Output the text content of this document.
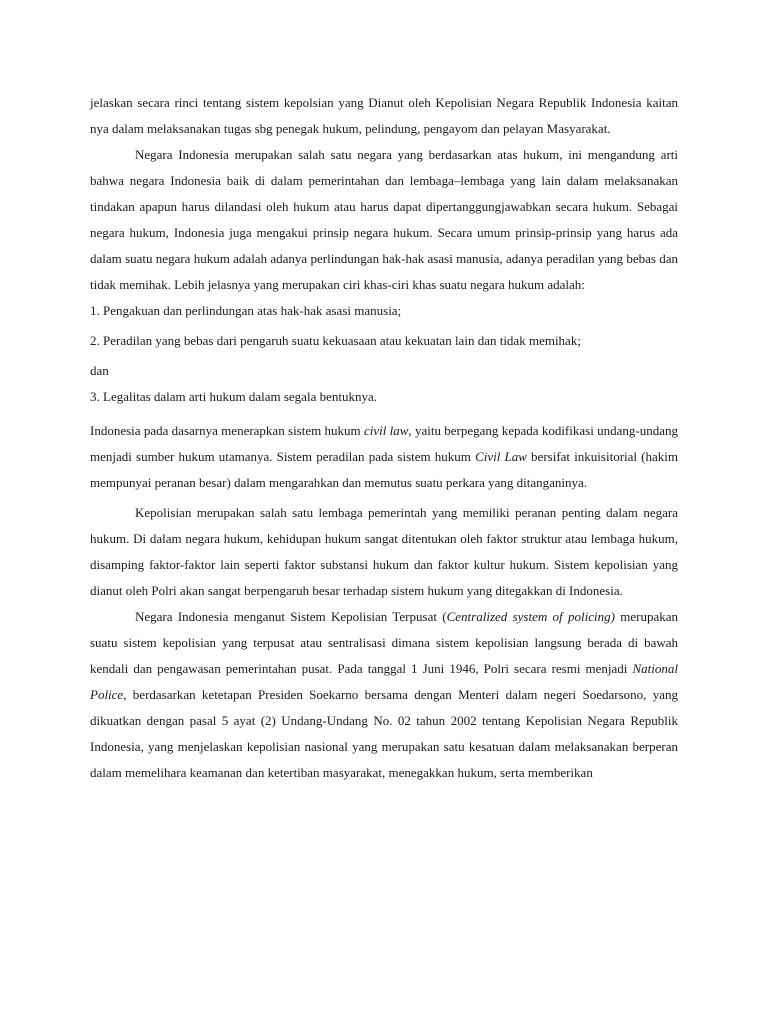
jelaskan secara rinci tentang sistem kepolsian yang Dianut oleh Kepolisian Negara Republik Indonesia kaitan nya dalam melaksanakan tugas sbg penegak hukum, pelindung, pengayom dan pelayan Masyarakat.

Negara Indonesia merupakan salah satu negara yang berdasarkan atas hukum, ini mengandung arti bahwa negara Indonesia baik di dalam pemerintahan dan lembaga–lembaga yang lain dalam melaksanakan tindakan apapun harus dilandasi oleh hukum atau harus dapat dipertanggungjawabkan secara hukum. Sebagai negara hukum, Indonesia juga mengakui prinsip negara hukum. Secara umum prinsip-prinsip yang harus ada dalam suatu negara hukum adalah adanya perlindungan hak-hak asasi manusia, adanya peradilan yang bebas dan tidak memihak. Lebih jelasnya yang merupakan ciri khas-ciri khas suatu negara hukum adalah:

1. Pengakuan dan perlindungan atas hak-hak asasi manusia;

2. Peradilan yang bebas dari pengaruh suatu kekuasaan atau kekuatan lain dan tidak memihak;

dan

3. Legalitas dalam arti hukum dalam segala bentuknya.

Indonesia pada dasarnya menerapkan sistem hukum civil law, yaitu berpegang kepada kodifikasi undang-undang menjadi sumber hukum utamanya. Sistem peradilan pada sistem hukum Civil Law bersifat inkuisitorial (hakim mempunyai peranan besar) dalam mengarahkan dan memutus suatu perkara yang ditanganinya.

Kepolisian merupakan salah satu lembaga pemerintah yang memiliki peranan penting dalam negara hukum. Di dalam negara hukum, kehidupan hukum sangat ditentukan oleh faktor struktur atau lembaga hukum, disamping faktor-faktor lain seperti faktor substansi hukum dan faktor kultur hukum. Sistem kepolisian yang dianut oleh Polri akan sangat berpengaruh besar terhadap sistem hukum yang ditegakkan di Indonesia.

Negara Indonesia menganut Sistem Kepolisian Terpusat (Centralized system of policing) merupakan suatu sistem kepolisian yang terpusat atau sentralisasi dimana sistem kepolisian langsung berada di bawah kendali dan pengawasan pemerintahan pusat. Pada tanggal 1 Juni 1946, Polri secara resmi menjadi National Police, berdasarkan ketetapan Presiden Soekarno bersama dengan Menteri dalam negeri Soedarsono, yang dikuatkan dengan pasal 5 ayat (2) Undang-Undang No. 02 tahun 2002 tentang Kepolisian Negara Republik Indonesia, yang menjelaskan kepolisian nasional yang merupakan satu kesatuan dalam melaksanakan berperan dalam memelihara keamanan dan ketertiban masyarakat, menegakkan hukum, serta memberikan
